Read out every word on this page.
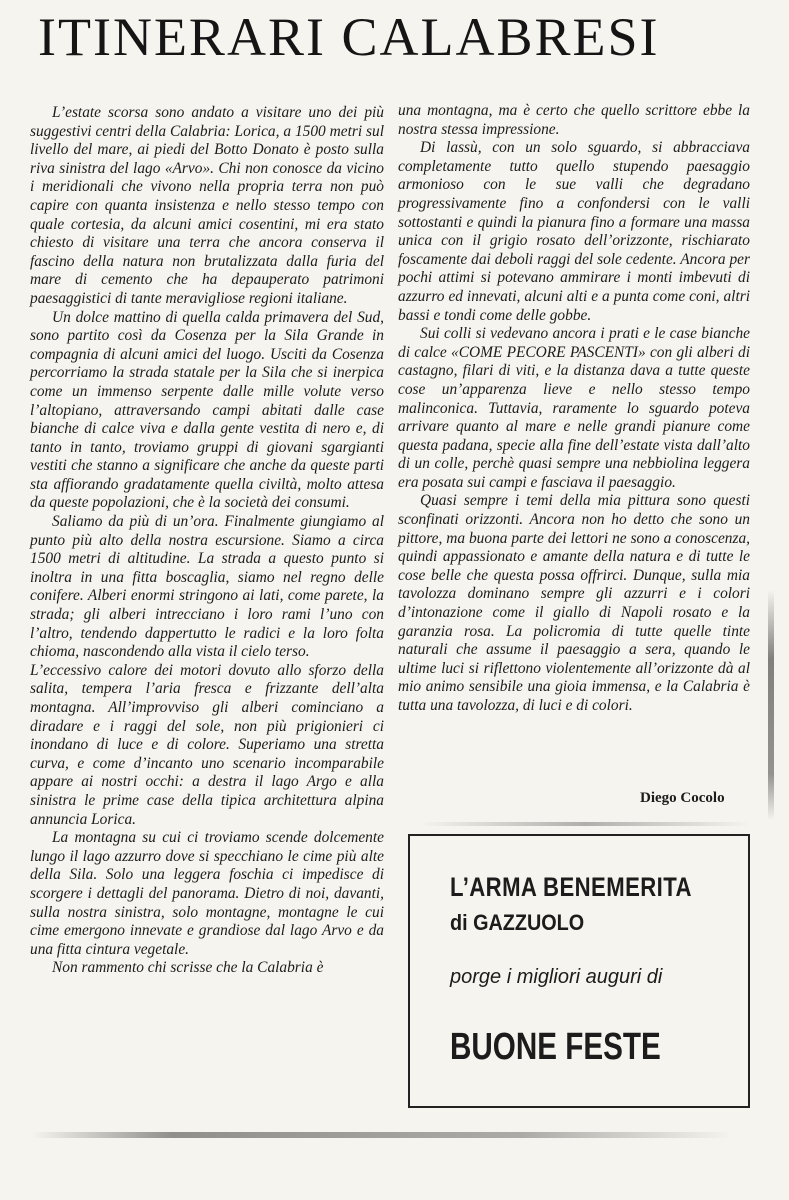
ITINERARI CALABRESI

L’estate scorsa sono andato a visitare uno dei più suggestivi centri della Calabria: Lorica, a 1500 metri sul livello del mare, ai piedi del Botto Donato è posto sulla riva sinistra del lago «Arvo». Chi non conosce da vicino i meridionali che vivono nella propria terra non può capire con quanta insistenza e nello stesso tempo con quale cortesia, da alcuni amici cosentini, mi era stato chiesto di visitare una terra che ancora conserva il fascino della natura non brutalizzata dalla furia del mare di cemento che ha depauperato patrimoni paesaggistici di tante meravigliose regioni italiane.

Un dolce mattino di quella calda primavera del Sud, sono partito così da Cosenza per la Sila Grande in compagnia di alcuni amici del luogo. Usciti da Cosenza percorriamo la strada statale per la Sila che si inerpica come un immenso serpente dalle mille volute verso l’altopiano, attraversando campi abitati dalle case bianche di calce viva e dalla gente vestita di nero e, di tanto in tanto, troviamo gruppi di giovani sgargianti vestiti che stanno a significare che anche da queste parti sta affiorando gradatamente quella civiltà, molto attesa da queste popolazioni, che è la società dei consumi.

Saliamo da più di un’ora. Finalmente giungiamo al punto più alto della nostra escursione. Siamo a circa 1500 metri di altitudine. La strada a questo punto si inoltra in una fitta boscaglia, siamo nel regno delle conifere. Alberi enormi stringono ai lati, come parete, la strada; gli alberi intrecciano i loro rami l’uno con l’altro, tendendo dappertutto le radici e la loro folta chioma, nascondendo alla vista il cielo terso.

L’eccessivo calore dei motori dovuto allo sforzo della salita, tempera l’aria fresca e frizzante dell’alta montagna. All’improvviso gli alberi cominciano a diradare e i raggi del sole, non più prigionieri ci inondano di luce e di colore. Superiamo una stretta curva, e come d’incanto uno scenario incomparabile appare ai nostri occhi: a destra il lago Argo e alla sinistra le prime case della tipica architettura alpina annuncia Lorica.

La montagna su cui ci troviamo scende dolcemente lungo il lago azzurro dove si specchiano le cime più alte della Sila. Solo una leggera foschia ci impedisce di scorgere i dettagli del panorama. Dietro di noi, davanti, sulla nostra sinistra, solo montagne, montagne le cui cime emergono innevate e grandiose dal lago Arvo e da una fitta cintura vegetale.

Non rammento chi scrisse che la Calabria è

una montagna, ma è certo che quello scrittore ebbe la nostra stessa impressione.

Di lassù, con un solo sguardo, si abbracciava completamente tutto quello stupendo paesaggio armonioso con le sue valli che degradano progressivamente fino a confondersi con le valli sottostanti e quindi la pianura fino a formare una massa unica con il grigio rosato dell’orizzonte, rischiarato foscamente dai deboli raggi del sole cedente. Ancora per pochi attimi si potevano ammirare i monti imbevuti di azzurro ed innevati, alcuni alti e a punta come coni, altri bassi e tondi come delle gobbe.

Sui colli si vedevano ancora i prati e le case bianche di calce «COME PECORE PASCENTI» con gli alberi di castagno, filari di viti, e la distanza dava a tutte queste cose un’apparenza lieve e nello stesso tempo malinconica. Tuttavia, raramente lo sguardo poteva arrivare quanto al mare e nelle grandi pianure come questa padana, specie alla fine dell’estate vista dall’alto di un colle, perchè quasi sempre una nebbiolina leggera era posata sui campi e fasciava il paesaggio.

Quasi sempre i temi della mia pittura sono questi sconfinati orizzonti. Ancora non ho detto che sono un pittore, ma buona parte dei lettori ne sono a conoscenza, quindi appassionato e amante della natura e di tutte le cose belle che questa possa offrirci. Dunque, sulla mia tavolozza dominano sempre gli azzurri e i colori d’intonazione come il giallo di Napoli rosato e la garanzia rosa. La policromia di tutte quelle tinte naturali che assume il paesaggio a sera, quando le ultime luci si riflettono violentemente all’orizzonte dà al mio animo sensibile una gioia immensa, e la Calabria è tutta una tavolozza, di luci e di colori.

Diego Cocolo
L’ARMA BENEMERITA
di GAZZUOLO
porge i migliori auguri di
BUONE FESTE
